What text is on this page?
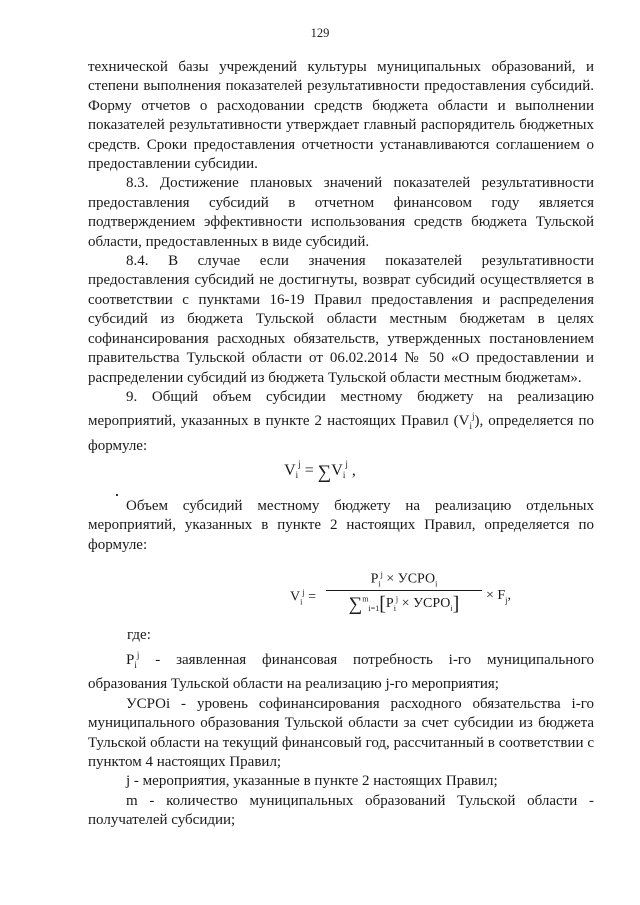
129

технической базы учреждений культуры муниципальных образований, и степени выполнения показателей результативности предоставления субсидий. Форму отчетов о расходовании средств бюджета области и выполнении показателей результативности утверждает главный распорядитель бюджетных средств. Сроки предоставления отчетности устанавливаются соглашением о предоставлении субсидии.

8.3. Достижение плановых значений показателей результативности предоставления субсидий в отчетном финансовом году является подтверждением эффективности использования средств бюджета Тульской области, предоставленных в виде субсидий.

8.4. В случае если значения показателей результативности предоставления субсидий не достигнуты, возврат субсидий осуществляется в соответствии с пунктами 16-19 Правил предоставления и распределения субсидий из бюджета Тульской области местным бюджетам в целях софинансирования расходных обязательств, утвержденных постановлением правительства Тульской области от 06.02.2014 № 50 «О предоставлении и распределении субсидий из бюджета Тульской области местным бюджетам».

9. Общий объем субсидии местному бюджету на реализацию мероприятий, указанных в пункте 2 настоящих Правил $(V_i^j)$, определяется по формуле:

$V_i^j = \sum V_i^j$ ,

Объем субсидий местному бюджету на реализацию отдельных мероприятий, указанных в пункте 2 настоящих Правил, определяется по формуле:

$V_i^j$ =
$P_i^j$ × $УСРО_i$
$\sum^m_{i=1}[P_i^j$ × $УСРО_i$]	× $F_j$,
где:

$P_i^j$ - заявленная финансовая потребность i-го муниципального образования Тульской области на реализацию j-го мероприятия;

УСРОi - уровень софинансирования расходного обязательства i-го муниципального образования Тульской области за счет субсидии из бюджета Тульской области на текущий финансовый год, рассчитанный в соответствии с пунктом 4 настоящих Правил;

j - мероприятия, указанные в пункте 2 настоящих Правил;

m - количество муниципальных образований Тульской области - получателей субсидии;
